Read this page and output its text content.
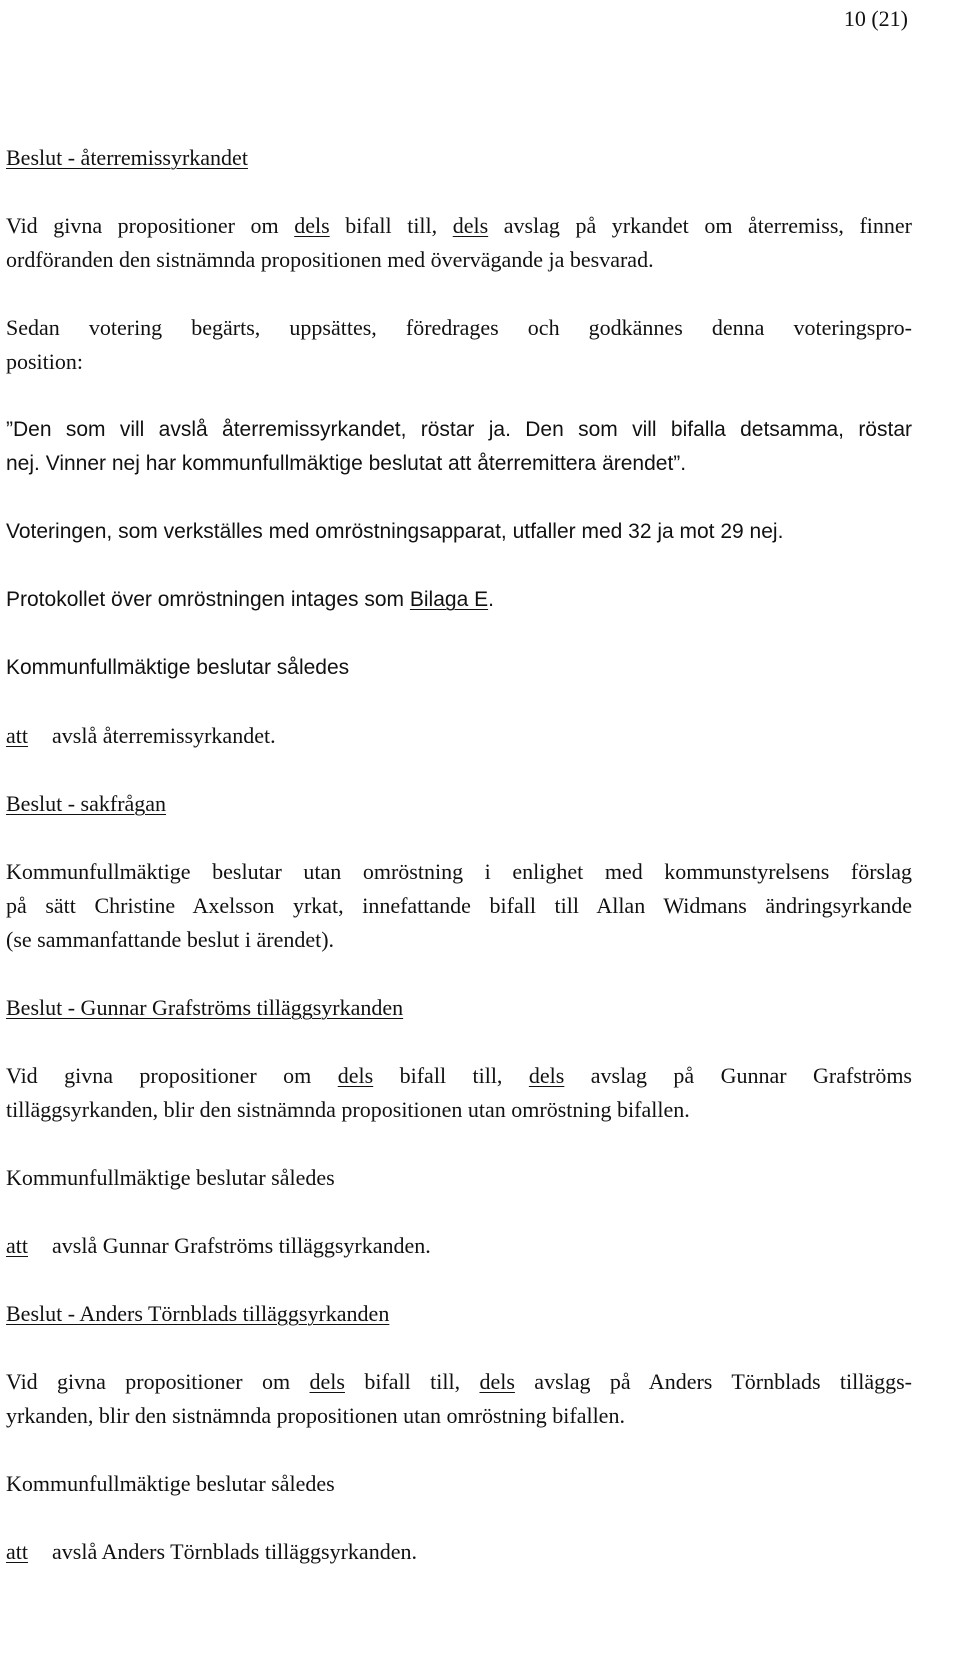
10 (21)
Beslut - återremissyrkandet
Vid givna propositioner om dels bifall till, dels avslag på yrkandet om återremiss, finner
ordföranden den sistnämnda propositionen med övervägande ja besvarad.
Sedan votering begärts, uppsättes, föredrages och godkännes denna voteringspro-
position:
”Den som vill avslå återremissyrkandet, röstar ja. Den som vill bifalla detsamma, röstar
nej. Vinner nej har kommunfullmäktige beslutat att återremittera ärendet”.
Voteringen, som verkställes med omröstningsapparat, utfaller med 32 ja mot 29 nej.
Protokollet över omröstningen intages som Bilaga E.
Kommunfullmäktige beslutar således
att avslå återremissyrkandet.
Beslut - sakfrågan
Kommunfullmäktige beslutar utan omröstning i enlighet med kommunstyrelsens förslag
på sätt Christine Axelsson yrkat, innefattande bifall till Allan Widmans ändringsyrkande
(se sammanfattande beslut i ärendet).
Beslut - Gunnar Grafströms tilläggsyrkanden
Vid givna propositioner om dels bifall till, dels avslag på Gunnar Grafströms
tilläggsyrkanden, blir den sistnämnda propositionen utan omröstning bifallen.
Kommunfullmäktige beslutar således
att avslå Gunnar Grafströms tilläggsyrkanden.
Beslut - Anders Törnblads tilläggsyrkanden
Vid givna propositioner om dels bifall till, dels avslag på Anders Törnblads tilläggs-
yrkanden, blir den sistnämnda propositionen utan omröstning bifallen.
Kommunfullmäktige beslutar således
att avslå Anders Törnblads tilläggsyrkanden.
